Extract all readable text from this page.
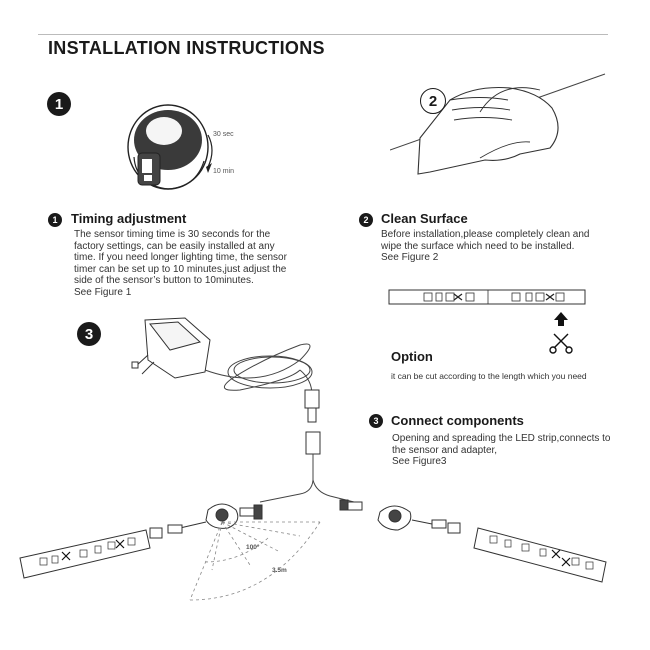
INSTALLATION INSTRUCTIONS
1
30 sec
10 min
1	Timing adjustment
The sensor timing time is 30 seconds for the
factory settings, can be easily installed at any
time. If you need longer lighting time, the sensor
timer can be set up to 10 minutes,just adjust the
side of the sensor’s button to 10minutes.
See Figure 1
2
2 Clean Surface
Before installation,please completely clean and
wipe the surface which need to be installed.
See Figure 2
Option
it can be cut according to the length which you need
3
100°
3.5m
3 Connect components
Opening and spreading the LED strip,connects to
the sensor and adapter,
See Figure3
